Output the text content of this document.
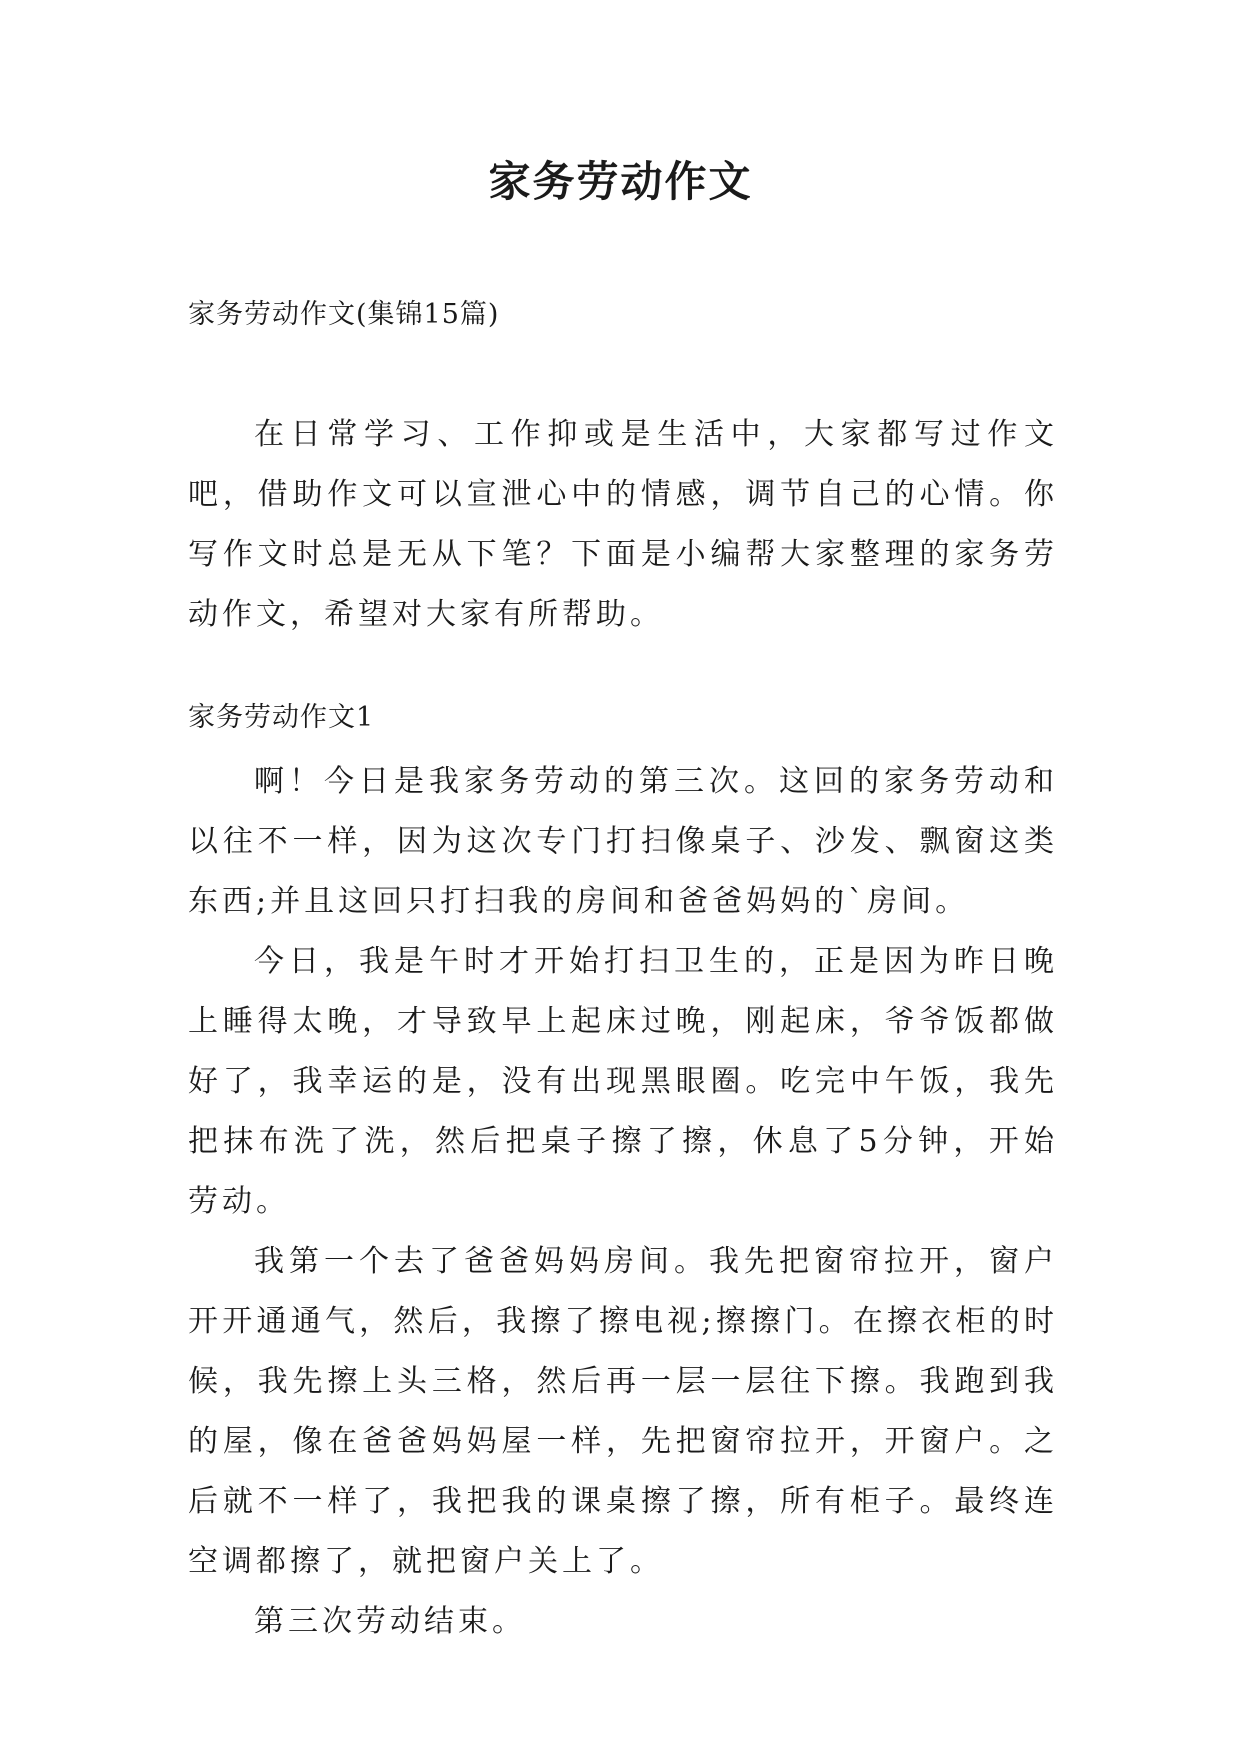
家务劳动作文

家务劳动作文(集锦15篇)

在日常学习、工作抑或是生活中，大家都写过作文吧，借助作文可以宣泄心中的情感，调节自己的心情。你写作文时总是无从下笔？下面是小编帮大家整理的家务劳动作文，希望对大家有所帮助。

家务劳动作文1

啊！今日是我家务劳动的第三次。这回的家务劳动和以往不一样，因为这次专门打扫像桌子、沙发、飘窗这类东西;并且这回只打扫我的房间和爸爸妈妈的`房间。

今日，我是午时才开始打扫卫生的，正是因为昨日晚上睡得太晚，才导致早上起床过晚，刚起床，爷爷饭都做好了，我幸运的是，没有出现黑眼圈。吃完中午饭，我先把抹布洗了洗，然后把桌子擦了擦，休息了5分钟，开始劳动。

我第一个去了爸爸妈妈房间。我先把窗帘拉开，窗户开开通通气，然后，我擦了擦电视;擦擦门。在擦衣柜的时候，我先擦上头三格，然后再一层一层往下擦。我跑到我的屋，像在爸爸妈妈屋一样，先把窗帘拉开，开窗户。之后就不一样了，我把我的课桌擦了擦，所有柜子。最终连空调都擦了，就把窗户关上了。

第三次劳动结束。
